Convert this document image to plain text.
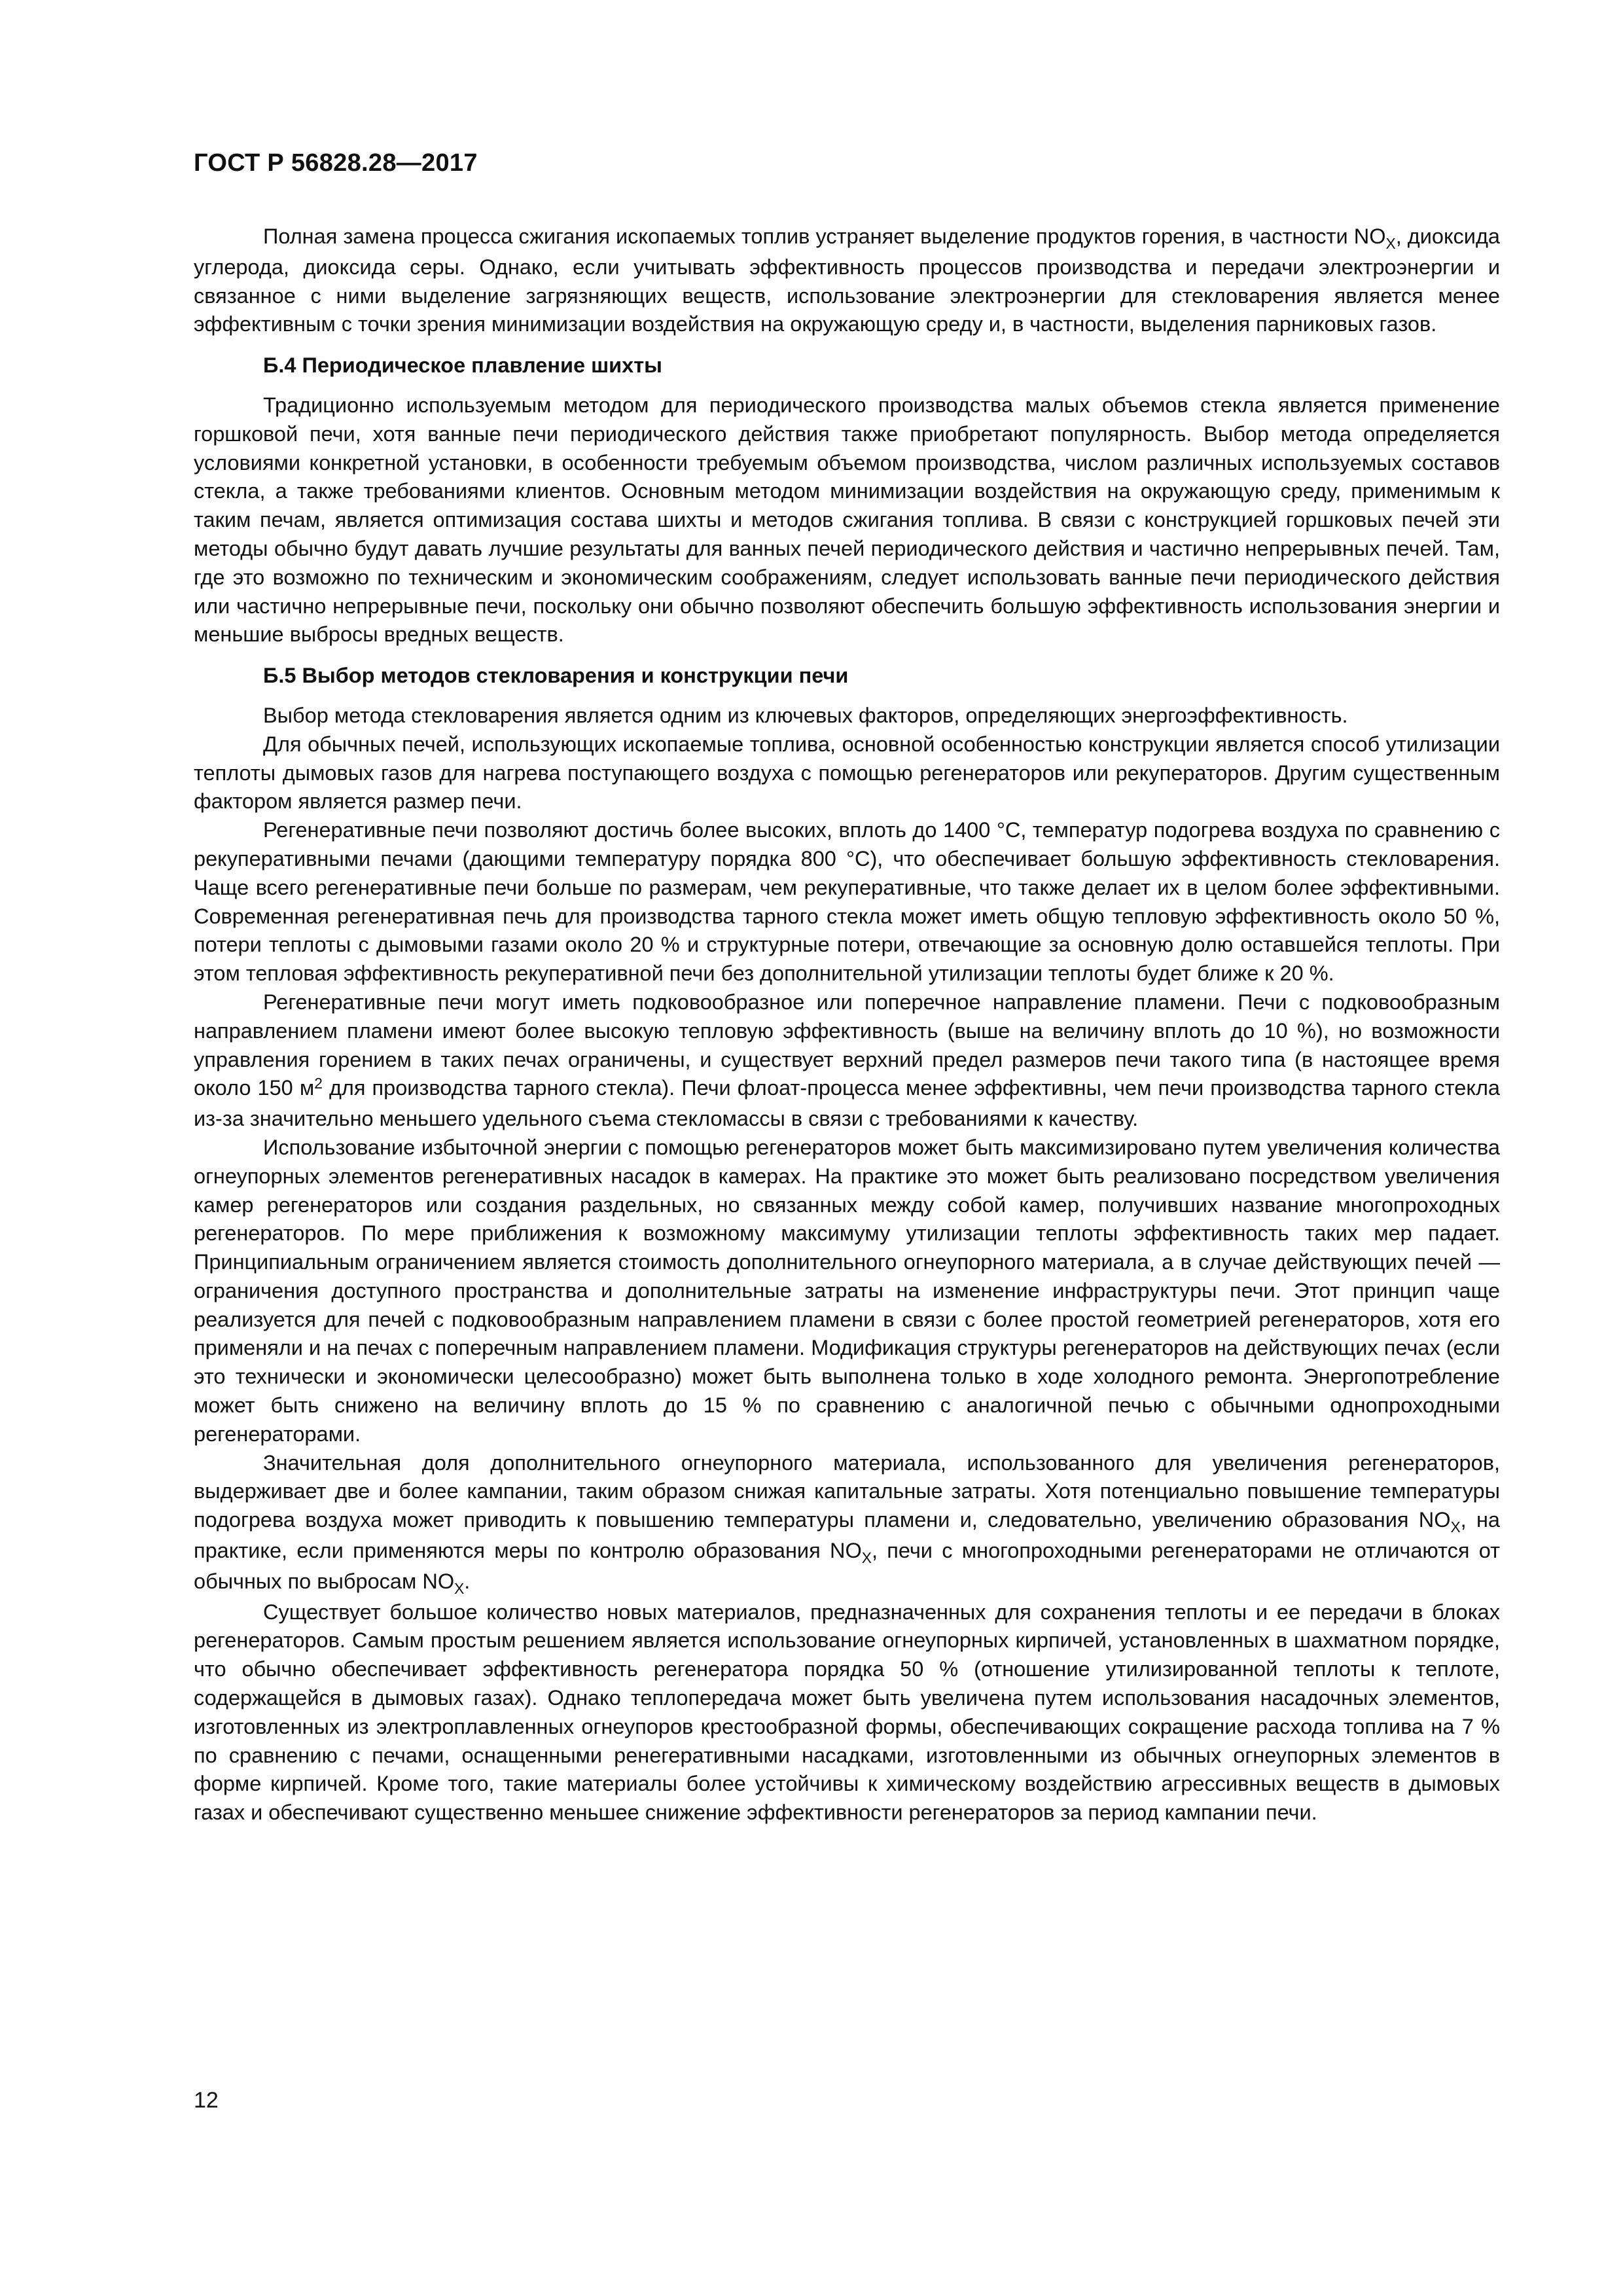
ГОСТ Р 56828.28—2017

Полная замена процесса сжигания ископаемых топлив устраняет выделение продуктов горения, в частности $NO_X$, диоксида углерода, диоксида серы. Однако, если учитывать эффективность процессов производства и передачи электроэнергии и связанное с ними выделение загрязняющих веществ, использование электроэнергии для стекловарения является менее эффективным с точки зрения минимизации воздействия на окружающую среду и, в частности, выделения парниковых газов.

Б.4 Периодическое плавление шихты

Традиционно используемым методом для периодического производства малых объемов стекла является применение горшковой печи, хотя ванные печи периодического действия также приобретают популярность. Выбор метода определяется условиями конкретной установки, в особенности требуемым объемом производства, числом различных используемых составов стекла, а также требованиями клиентов. Основным методом минимизации воздействия на окружающую среду, применимым к таким печам, является оптимизация состава шихты и методов сжигания топлива. В связи с конструкцией горшковых печей эти методы обычно будут давать лучшие результаты для ванных печей периодического действия и частично непрерывных печей. Там, где это возможно по техническим и экономическим соображениям, следует использовать ванные печи периодического действия или частично непрерывные печи, поскольку они обычно позволяют обеспечить большую эффективность использования энергии и меньшие выбросы вредных веществ.

Б.5 Выбор методов стекловарения и конструкции печи

Выбор метода стекловарения является одним из ключевых факторов, определяющих энергоэффективность.

Для обычных печей, использующих ископаемые топлива, основной особенностью конструкции является способ утилизации теплоты дымовых газов для нагрева поступающего воздуха с помощью регенераторов или рекуператоров. Другим существенным фактором является размер печи.

Регенеративные печи позволяют достичь более высоких, вплоть до 1400 °С, температур подогрева воздуха по сравнению с рекуперативными печами (дающими температуру порядка 800 °С), что обеспечивает большую эффективность стекловарения. Чаще всего регенеративные печи больше по размерам, чем рекуперативные, что также делает их в целом более эффективными. Современная регенеративная печь для производства тарного стекла может иметь общую тепловую эффективность около 50 %, потери теплоты с дымовыми газами около 20 % и структурные потери, отвечающие за основную долю оставшейся теплоты. При этом тепловая эффективность рекуперативной печи без дополнительной утилизации теплоты будет ближе к 20 %.

Регенеративные печи могут иметь подковообразное или поперечное направление пламени. Печи с подковообразным направлением пламени имеют более высокую тепловую эффективность (выше на величину вплоть до 10 %), но возможности управления горением в таких печах ограничены, и существует верхний предел размеров печи такого типа (в настоящее время около 150 $м^2$ для производства тарного стекла). Печи флоат-процесса менее эффективны, чем печи производства тарного стекла из-за значительно меньшего удельного съема стекломассы в связи с требованиями к качеству.

Использование избыточной энергии с помощью регенераторов может быть максимизировано путем увеличения количества огнеупорных элементов регенеративных насадок в камерах. На практике это может быть реализовано посредством увеличения камер регенераторов или создания раздельных, но связанных между собой камер, получивших название многопроходных регенераторов. По мере приближения к возможному максимуму утилизации теплоты эффективность таких мер падает. Принципиальным ограничением является стоимость дополнительного огнеупорного материала, а в случае действующих печей — ограничения доступного пространства и дополнительные затраты на изменение инфраструктуры печи. Этот принцип чаще реализуется для печей с подковообразным направлением пламени в связи с более простой геометрией регенераторов, хотя его применяли и на печах с поперечным направлением пламени. Модификация структуры регенераторов на действующих печах (если это технически и экономически целесообразно) может быть выполнена только в ходе холодного ремонта. Энергопотребление может быть снижено на величину вплоть до 15 % по сравнению с аналогичной печью с обычными однопроходными регенераторами.

Значительная доля дополнительного огнеупорного материала, использованного для увеличения регенераторов, выдерживает две и более кампании, таким образом снижая капитальные затраты. Хотя потенциально повышение температуры подогрева воздуха может приводить к повышению температуры пламени и, следовательно, увеличению образования $NO_X$, на практике, если применяются меры по контролю образования $NO_X$, печи с многопроходными регенераторами не отличаются от обычных по выбросам $NO_X$.

Существует большое количество новых материалов, предназначенных для сохранения теплоты и ее передачи в блоках регенераторов. Самым простым решением является использование огнеупорных кирпичей, установленных в шахматном порядке, что обычно обеспечивает эффективность регенератора порядка 50 % (отношение утилизированной теплоты к теплоте, содержащейся в дымовых газах). Однако теплопередача может быть увеличена путем использования насадочных элементов, изготовленных из электроплавленных огнеупоров крестообразной формы, обеспечивающих сокращение расхода топлива на 7 % по сравнению с печами, оснащенными ренегеративными насадками, изготовленными из обычных огнеупорных элементов в форме кирпичей. Кроме того, такие материалы более устойчивы к химическому воздействию агрессивных веществ в дымовых газах и обеспечивают существенно меньшее снижение эффективности регенераторов за период кампании печи.

12
